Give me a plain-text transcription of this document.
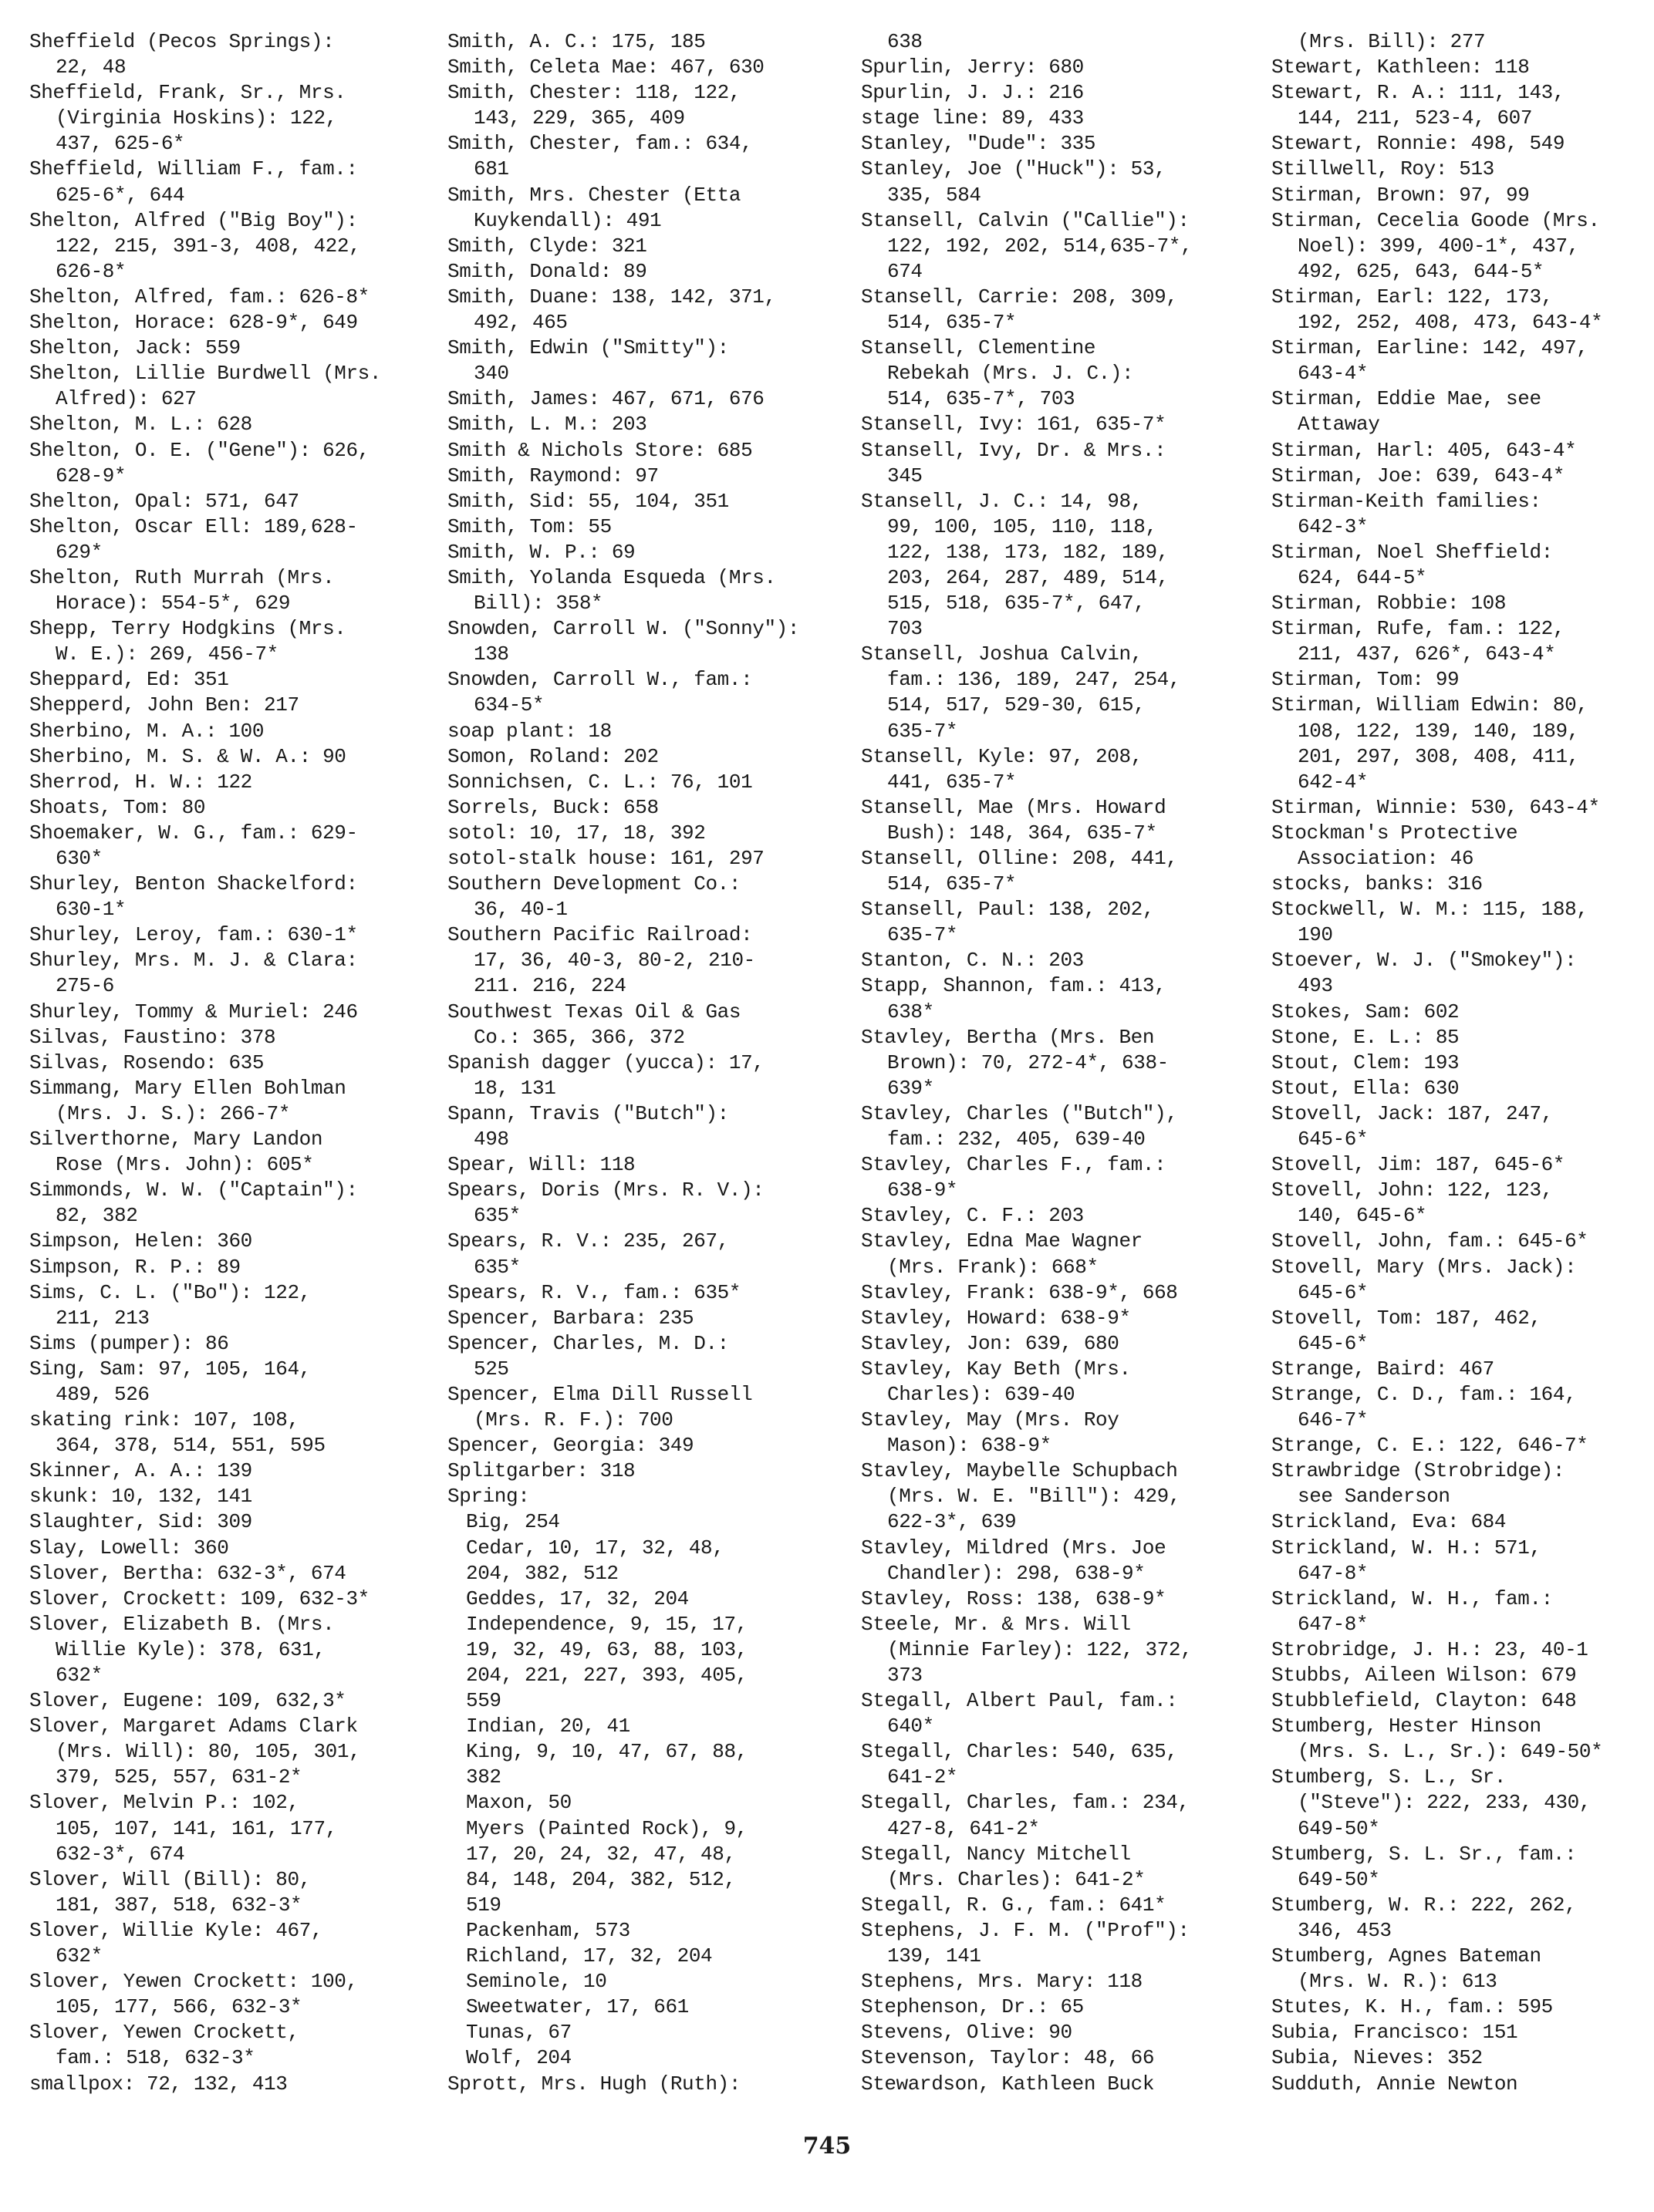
Sheffield (Pecos Springs):
22, 48
Sheffield, Frank, Sr., Mrs.
(Virginia Hoskins): 122,
437, 625-6*
Sheffield, William F., fam.:
625-6*, 644
Shelton, Alfred ("Big Boy"):
122, 215, 391-3, 408, 422,
626-8*
Shelton, Alfred, fam.: 626-8*
Shelton, Horace: 628-9*, 649
Shelton, Jack: 559
Shelton, Lillie Burdwell (Mrs.
Alfred): 627
Shelton, M. L.: 628
Shelton, O. E. ("Gene"): 626,
628-9*
Shelton, Opal: 571, 647
Shelton, Oscar Ell: 189,628-
629*
Shelton, Ruth Murrah (Mrs.
Horace): 554-5*, 629
Shepp, Terry Hodgkins (Mrs.
W. E.): 269, 456-7*
Sheppard, Ed: 351
Shepperd, John Ben: 217
Sherbino, M. A.: 100
Sherbino, M. S. & W. A.: 90
Sherrod, H. W.: 122
Shoats, Tom: 80
Shoemaker, W. G., fam.: 629-
630*
Shurley, Benton Shackelford:
630-1*
Shurley, Leroy, fam.: 630-1*
Shurley, Mrs. M. J. & Clara:
275-6
Shurley, Tommy & Muriel: 246
Silvas, Faustino: 378
Silvas, Rosendo: 635
Simmang, Mary Ellen Bohlman
(Mrs. J. S.): 266-7*
Silverthorne, Mary Landon
Rose (Mrs. John): 605*
Simmonds, W. W. ("Captain"):
82, 382
Simpson, Helen: 360
Simpson, R. P.: 89
Sims, C. L. ("Bo"): 122,
211, 213
Sims (pumper): 86
Sing, Sam: 97, 105, 164,
489, 526
skating rink: 107, 108,
364, 378, 514, 551, 595
Skinner, A. A.: 139
skunk: 10, 132, 141
Slaughter, Sid: 309
Slay, Lowell: 360
Slover, Bertha: 632-3*, 674
Slover, Crockett: 109, 632-3*
Slover, Elizabeth B. (Mrs.
Willie Kyle): 378, 631,
632*
Slover, Eugene: 109, 632,3*
Slover, Margaret Adams Clark
(Mrs. Will): 80, 105, 301,
379, 525, 557, 631-2*
Slover, Melvin P.: 102,
105, 107, 141, 161, 177,
632-3*, 674
Slover, Will (Bill): 80,
181, 387, 518, 632-3*
Slover, Willie Kyle: 467,
632*
Slover, Yewen Crockett: 100,
105, 177, 566, 632-3*
Slover, Yewen Crockett,
fam.: 518, 632-3*
smallpox: 72, 132, 413
Smith, A. C.: 175, 185
Smith, Celeta Mae: 467, 630
Smith, Chester: 118, 122,
143, 229, 365, 409
Smith, Chester, fam.: 634,
681
Smith, Mrs. Chester (Etta
Kuykendall): 491
Smith, Clyde: 321
Smith, Donald: 89
Smith, Duane: 138, 142, 371,
492, 465
Smith, Edwin ("Smitty"):
340
Smith, James: 467, 671, 676
Smith, L. M.: 203
Smith & Nichols Store: 685
Smith, Raymond: 97
Smith, Sid: 55, 104, 351
Smith, Tom: 55
Smith, W. P.: 69
Smith, Yolanda Esqueda (Mrs.
Bill): 358*
Snowden, Carroll W. ("Sonny"):
138
Snowden, Carroll W., fam.:
634-5*
soap plant: 18
Somon, Roland: 202
Sonnichsen, C. L.: 76, 101
Sorrels, Buck: 658
sotol: 10, 17, 18, 392
sotol-stalk house: 161, 297
Southern Development Co.:
36, 40-1
Southern Pacific Railroad:
17, 36, 40-3, 80-2, 210-
211. 216, 224
Southwest Texas Oil & Gas
Co.: 365, 366, 372
Spanish dagger (yucca): 17,
18, 131
Spann, Travis ("Butch"):
498
Spear, Will: 118
Spears, Doris (Mrs. R. V.):
635*
Spears, R. V.: 235, 267,
635*
Spears, R. V., fam.: 635*
Spencer, Barbara: 235
Spencer, Charles, M. D.:
525
Spencer, Elma Dill Russell
(Mrs. R. F.): 700
Spencer, Georgia: 349
Splitgarber: 318
Spring:
Big, 254
Cedar, 10, 17, 32, 48,
204, 382, 512
Geddes, 17, 32, 204
Independence, 9, 15, 17,
19, 32, 49, 63, 88, 103,
204, 221, 227, 393, 405,
559
Indian, 20, 41
King, 9, 10, 47, 67, 88,
382
Maxon, 50
Myers (Painted Rock), 9,
17, 20, 24, 32, 47, 48,
84, 148, 204, 382, 512,
519
Packenham, 573
Richland, 17, 32, 204
Seminole, 10
Sweetwater, 17, 661
Tunas, 67
Wolf, 204
Sprott, Mrs. Hugh (Ruth):
638
Spurlin, Jerry: 680
Spurlin, J. J.: 216
stage line: 89, 433
Stanley, "Dude": 335
Stanley, Joe ("Huck"): 53,
335, 584
Stansell, Calvin ("Callie"):
122, 192, 202, 514,635-7*,
674
Stansell, Carrie: 208, 309,
514, 635-7*
Stansell, Clementine
Rebekah (Mrs. J. C.):
514, 635-7*, 703
Stansell, Ivy: 161, 635-7*
Stansell, Ivy, Dr. & Mrs.:
345
Stansell, J. C.: 14, 98,
99, 100, 105, 110, 118,
122, 138, 173, 182, 189,
203, 264, 287, 489, 514,
515, 518, 635-7*, 647,
703
Stansell, Joshua Calvin,
fam.: 136, 189, 247, 254,
514, 517, 529-30, 615,
635-7*
Stansell, Kyle: 97, 208,
441, 635-7*
Stansell, Mae (Mrs. Howard
Bush): 148, 364, 635-7*
Stansell, Olline: 208, 441,
514, 635-7*
Stansell, Paul: 138, 202,
635-7*
Stanton, C. N.: 203
Stapp, Shannon, fam.: 413,
638*
Stavley, Bertha (Mrs. Ben
Brown): 70, 272-4*, 638-
639*
Stavley, Charles ("Butch"),
fam.: 232, 405, 639-40
Stavley, Charles F., fam.:
638-9*
Stavley, C. F.: 203
Stavley, Edna Mae Wagner
(Mrs. Frank): 668*
Stavley, Frank: 638-9*, 668
Stavley, Howard: 638-9*
Stavley, Jon: 639, 680
Stavley, Kay Beth (Mrs.
Charles): 639-40
Stavley, May (Mrs. Roy
Mason): 638-9*
Stavley, Maybelle Schupbach
(Mrs. W. E. "Bill"): 429,
622-3*, 639
Stavley, Mildred (Mrs. Joe
Chandler): 298, 638-9*
Stavley, Ross: 138, 638-9*
Steele, Mr. & Mrs. Will
(Minnie Farley): 122, 372,
373
Stegall, Albert Paul, fam.:
640*
Stegall, Charles: 540, 635,
641-2*
Stegall, Charles, fam.: 234,
427-8, 641-2*
Stegall, Nancy Mitchell
(Mrs. Charles): 641-2*
Stegall, R. G., fam.: 641*
Stephens, J. F. M. ("Prof"):
139, 141
Stephens, Mrs. Mary: 118
Stephenson, Dr.: 65
Stevens, Olive: 90
Stevenson, Taylor: 48, 66
Stewardson, Kathleen Buck
(Mrs. Bill): 277
Stewart, Kathleen: 118
Stewart, R. A.: 111, 143,
144, 211, 523-4, 607
Stewart, Ronnie: 498, 549
Stillwell, Roy: 513
Stirman, Brown: 97, 99
Stirman, Cecelia Goode (Mrs.
Noel): 399, 400-1*, 437,
492, 625, 643, 644-5*
Stirman, Earl: 122, 173,
192, 252, 408, 473, 643-4*
Stirman, Earline: 142, 497,
643-4*
Stirman, Eddie Mae, see
Attaway
Stirman, Harl: 405, 643-4*
Stirman, Joe: 639, 643-4*
Stirman-Keith families:
642-3*
Stirman, Noel Sheffield:
624, 644-5*
Stirman, Robbie: 108
Stirman, Rufe, fam.: 122,
211, 437, 626*, 643-4*
Stirman, Tom: 99
Stirman, William Edwin: 80,
108, 122, 139, 140, 189,
201, 297, 308, 408, 411,
642-4*
Stirman, Winnie: 530, 643-4*
Stockman's Protective
Association: 46
stocks, banks: 316
Stockwell, W. M.: 115, 188,
190
Stoever, W. J. ("Smokey"):
493
Stokes, Sam: 602
Stone, E. L.: 85
Stout, Clem: 193
Stout, Ella: 630
Stovell, Jack: 187, 247,
645-6*
Stovell, Jim: 187, 645-6*
Stovell, John: 122, 123,
140, 645-6*
Stovell, John, fam.: 645-6*
Stovell, Mary (Mrs. Jack):
645-6*
Stovell, Tom: 187, 462,
645-6*
Strange, Baird: 467
Strange, C. D., fam.: 164,
646-7*
Strange, C. E.: 122, 646-7*
Strawbridge (Strobridge):
see Sanderson
Strickland, Eva: 684
Strickland, W. H.: 571,
647-8*
Strickland, W. H., fam.:
647-8*
Strobridge, J. H.: 23, 40-1
Stubbs, Aileen Wilson: 679
Stubblefield, Clayton: 648
Stumberg, Hester Hinson
(Mrs. S. L., Sr.): 649-50*
Stumberg, S. L., Sr.
("Steve"): 222, 233, 430,
649-50*
Stumberg, S. L. Sr., fam.:
649-50*
Stumberg, W. R.: 222, 262,
346, 453
Stumberg, Agnes Bateman
(Mrs. W. R.): 613
Stutes, K. H., fam.: 595
Subia, Francisco: 151
Subia, Nieves: 352
Sudduth, Annie Newton
745
